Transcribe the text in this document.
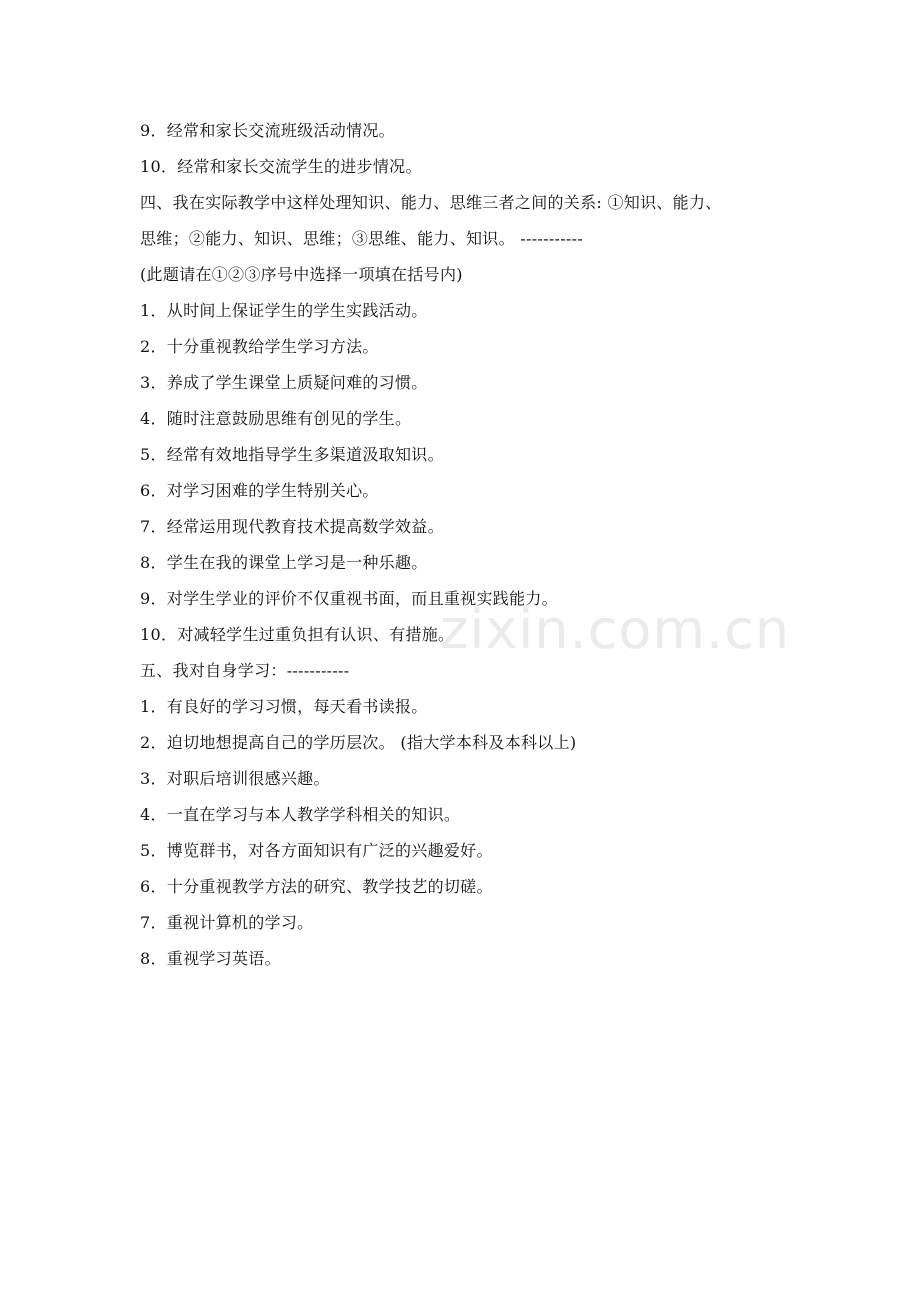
9．经常和家长交流班级活动情况。
10．经常和家长交流学生的进步情况。
四、我在实际教学中这样处理知识、能力、思维三者之间的关系: ①知识、能力、
思维；②能力、知识、思维；③思维、能力、知识。 -----------
(此题请在①②③序号中选择一项填在括号内)
1．从时间上保证学生的学生实践活动。
2．十分重视教给学生学习方法。
3．养成了学生课堂上质疑问难的习惯。
4．随时注意鼓励思维有创见的学生。
5．经常有效地指导学生多渠道汲取知识。
6．对学习困难的学生特别关心。
7．经常运用现代教育技术提高数学效益。
8．学生在我的课堂上学习是一种乐趣。
9．对学生学业的评价不仅重视书面，而且重视实践能力。
10．对减轻学生过重负担有认识、有措施。
五、我对自身学习：-----------
1．有良好的学习习惯，每天看书读报。
2．迫切地想提高自己的学历层次。 (指大学本科及本科以上)
3．对职后培训很感兴趣。
4．一直在学习与本人教学学科相关的知识。
5．博览群书，对各方面知识有广泛的兴趣爱好。
6．十分重视教学方法的研究、教学技艺的切磋。
7．重视计算机的学习。
8．重视学习英语。
zixin.com.cn
